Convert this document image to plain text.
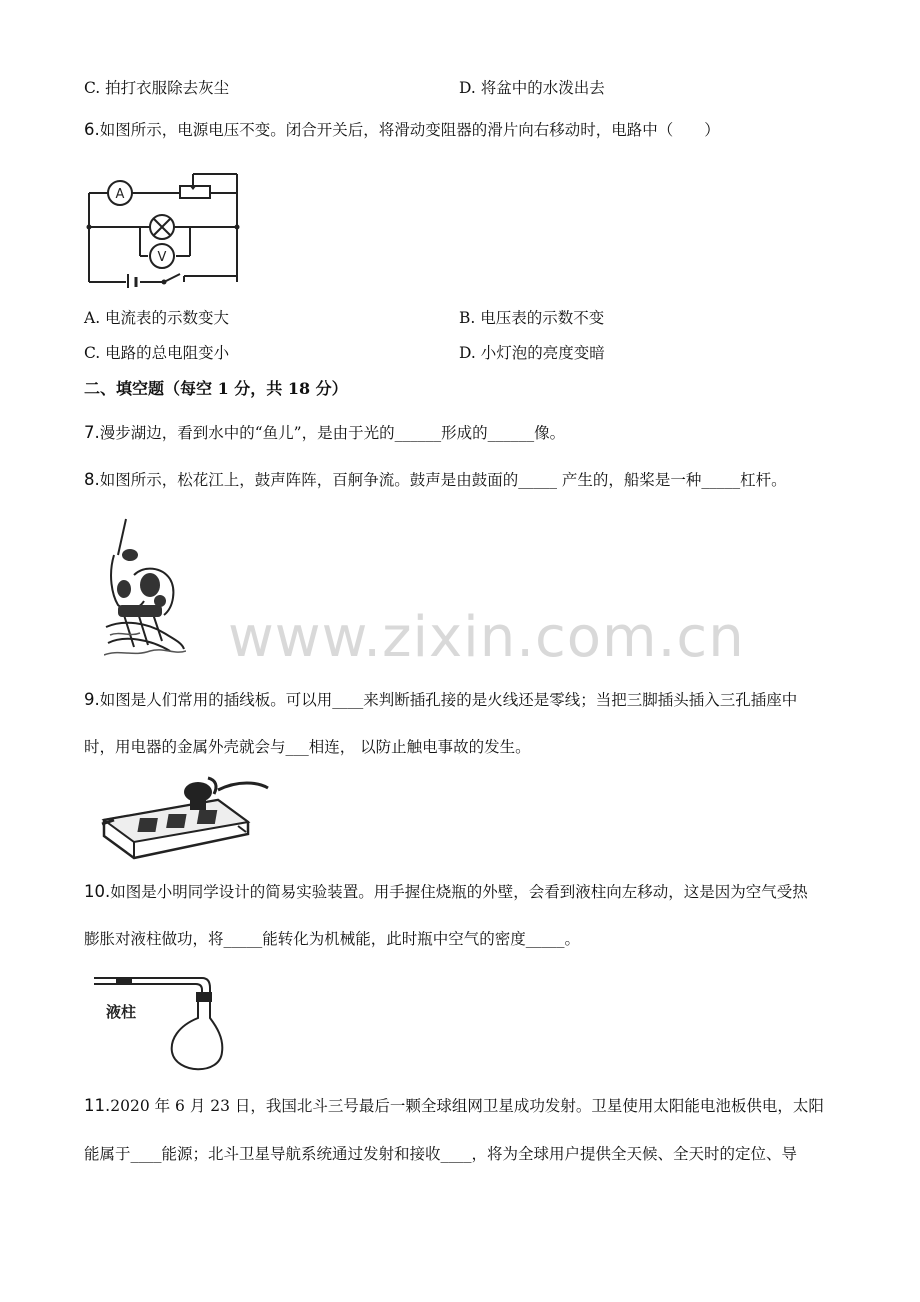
C. 拍打衣服除去灰尘	D. 将盆中的水泼出去
6.如图所示，电源电压不变。闭合开关后，将滑动变阻器的滑片向右移动时，电路中（　　）
A
V
A. 电流表的示数变大	B. 电压表的示数不变
C. 电路的总电阻变小	D. 小灯泡的亮度变暗
二、填空题（每空 1 分，共 18 分）
7.漫步湖边，看到水中的“鱼儿”，是由于光的______形成的______像。
8.如图所示，松花江上，鼓声阵阵，百舸争流。鼓声是由鼓面的_____ 产生的，船桨是一种_____杠杆。
www.zixin.com.cn
9.如图是人们常用的插线板。可以用____来判断插孔接的是火线还是零线；当把三脚插头插入三孔插座中
时，用电器的金属外壳就会与___相连， 以防止触电事故的发生。
10.如图是小明同学设计的简易实验装置。用手握住烧瓶的外壁，会看到液柱向左移动，这是因为空气受热
膨胀对液柱做功，将_____能转化为机械能，此时瓶中空气的密度_____。
液柱
11.2020 年 6 月 23 日，我国北斗三号最后一颗全球组网卫星成功发射。卫星使用太阳能电池板供电，太阳
能属于____能源；北斗卫星导航系统通过发射和接收____，将为全球用户提供全天候、全天时的定位、导
